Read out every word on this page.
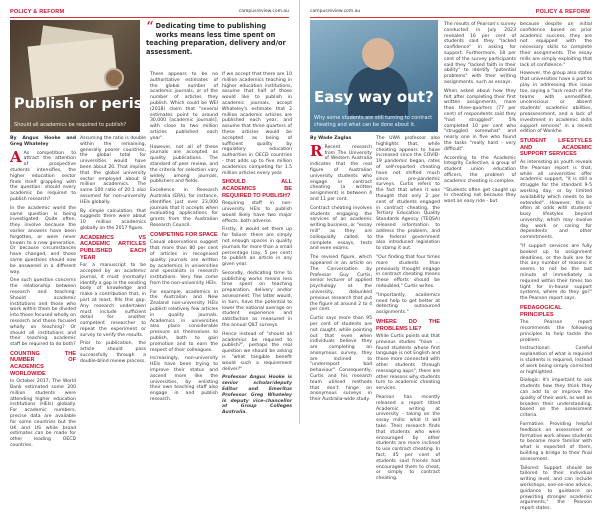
POLICY & REFORM	campusreview.com.au
Publish or perish?
Should all academics be required to publish?
“ Dedicating time to publishing works means less time spent on teaching preparation, delivery and/or assessment.
By Angus Hooke and Greg Whateley

A As competition to attract the attention of prospective students intensifies, the higher education sector finds itself grappling with the question: should every academic be required to publish research?

In the academic world the same question is being investigated. Quite often, they involve because the earlier answers have been forgotten, or were never known to a new generation. Or because circumstances have changed, and those same questions should now be answered in a different way.

One such question concerns the relationship between research and teaching: Should academic institutions and those who work within them be divided into those focused wholly on research and those focused wholly on teaching? Or should all institutions and their teaching academic staff be required to do both?

COUNTING THE NUMBER OF ACADEMICS WORLDWIDE

In October 2017, The World Bank estimated some 200 million students were attending higher education institutions (HEIs) globally. For academic numbers, precise data are available for some countries but the UK and US while broad estimates can be made for other leading OECD countries.

Assuming the ratio is double within the remaining, generally poorer countries, the global total for universities would have been about 20. That implies that the global university sector employed about 8 million academics. The same 100 ratio of 20:1 also assumed for non-university HEIs globally.

By simple calculation, that suggests there were about 10 million academics globally on the 2017 figure.

ACADEMICS VS ACADEMIC ARTICLES PUBLISHED EACH YEAR

For a manuscript to be accepted by an academic journal, it must (normally) identify a gap in the existing body of knowledge and make a contribution that, in part at least, fills this gap. Any research undertaken must include sufficient detail for another competent researcher to repeat the experiment or survey to verify the results.

Prior to publication, the article should pass successfully through a double-blind review process.

There appears to be no authoritative estimates of the global number of academic journals, or of the number of articles they publish. Which could be WEI (2018) claim that "several estimates point to around 30,000 [academic journals], with close to two million articles published each year".

However, not all of these journals are accepted as quality publications. The standard of peer review, and the criteria for selection vary widely among journals, publishers and fields.

Excellence in Research Australia (ERA), for instance, identifies just over 23,000 journals that it accepts when evaluating applications for grants from the Australian Research Council.

COMPETING FOR SPACE

Casual observations suggest that more than 80 per cent of articles in recognised quality journals are written by academics in universities and specialists in research institutions. Very few come from the non-university HEIs.

For example, academics in the Australian and New Zealand non-university HEIs publish relatively few articles in quality journals. Academics in universities also place considerable pressure on themselves to publish, both to gain promotion and to earn the respect of their colleagues.

Increasingly, non-university HEIs have been trying to improve their status and ascend more like the universities, by enlisting their own teaching staff also engage in and publish research.

If we accept that there are 10 million academics teaching in higher education institutions, assume that half of those would like to publish in academic journals, accept Whateley's estimate that 2 million academic articles are published each year, and assume that three quarters of these articles would be accepted as being of sufficient quality by regulatory education authorities in OECD countries - that adds up to five million academics competing for 1.5 million articles every year.

SHOULD ALL ACADEMICS BE REQUIRED TO PUBLISH?

Requiring staff in non-university HEIs to publish would likely have two major effects, both adverse.

Firstly, it would set them up for failure: there are simply not enough spaces in quality journals for more than a small percentage (say, 5 per cent) to publish an article in any given year.

Secondly, dedicating time to publishing works means less time spent on teaching preparation, delivery and/or assessment. The latter would, in turn, have the potential to lower the national average on student experience and satisfaction as measured in the annual QILT surveys.

Hence instead of "should all academics be required to publish?", perhaps the real question we should be asking is "what tangible benefit would such a requirement deliver?"

Professor Angus Hooke is senior scholar/deputy Editor and Emeritus Professor Greg Whateley is deputy vice-chancellor at Group Colleges Australia.

campusreview.com.au	POLICY & REFORM
Easy way out?
Why some students are still turning to contract cheating and what can be done about it.
By Wade Zaglas

R Recent research from The University of Western Australia indicates that the real figure of Australian university students who engage in contract cheating (a written assignment) is between 4 and 11 per cent.

Contract cheating involves students engaging the services of an academic writing business, or "essay mill" as they are colloquially called, to complete essays, tests and even exams.

The revised figure, which appeared in an article on The Conversation by Professor Guy Curtis, senior lecturer of applied psychology at the university, debunked previous research that put the figure at around 2 to 4 per cent.

Curtis says more than 95 per cent of students are not caught, while pointing out that even when individuals believe they are completing an anonymous survey, they are inclined to "underreport bad behaviour". Consequently, Curtis and his research team utilised methods that don't hinge on anonymous surveys in their Australia-wide study.

The UWA professor also highlights that, while cheating appears to have increased since the COVID-19 pandemic began, rates of self-reported cheating have not shifted much since pre-pandemic surveys. Curtis refers to the fact that when it was thought that only 2 per cent of students engaged in contract cheating, the Tertiary Education Quality Standards Agency (TEQSA) released information to address the problem, and the federal government also introduced legislation to stamp it out.

"Our finding that four times more students than previously thought engage in contract cheating means these efforts should be redoubled," Curtis writes.

"Importantly, academics need help to get better at detecting outsourced assignments."

WHERE DO THE PROBLEMS LIE?

While Curtis points out that previous studies "have ... found students whose first language is not English and those more connected with other students through messaging apps", there are other reasons why students turn to academic cheating services.

Pearson has recently released a report titled Academic writing at university - taking on the essay mills: what it will take. Their research finds that students who were encouraged by other students are more inclined to use contract cheating. In fact, 45 per cent of students said friends had encouraged them to cheat, or simply to contract cheating.

The results of Pearson's survey conducted in July 2023 revealed 16 per cent of students said they "lacked confidence" in asking for support. Furthermore, 18 per cent of the survey participants said they "lacked faith in their ability" to identify "potential problems" with their writing assignments, such as essays.

When asked about how they felt after completing their first written assignments, more than three-quarters (77 per cent) of respondents said they "had struggled". 5% completed 10 per cent who "struggled somewhat" and nearly one in five who found the tasks "really hard - very difficult".

According to the Academic Integrity Collective, a group of student union education officers, the problem of academic cheating is complex.

"Students often get caught up in cheating not because they want an easy ride - but

because despite an initial confidence based on prior academic success, they are not equipped with the necessary skills to complete their assignments. The essay mills are simply exploiting that lack of confidence."

However, the group also states that universities have a part to play in addressing this issue too, saying a "lack reach of the teams with unmedified, unconscious or absent students' academic abilities, preassessment, and a lack of investment in academic skills support services" in a recent edition of Wonkhe.

STUDENT LIFESTYLES AND ACADEMIC SUPPORT SERVICES

As interesting as youth reveals the Pearson report is that, while all universities offer academic support, "it is still a struggle for the standard 9-5 working day, or by limited availability which needs to be extended". However, this is often at odds with students' busy lifestyles beyond university, which may involve day work or caring for dependents and other commitments.

"If support services are fully booked up to assignment deadlines, or the bulk are for this any number of reasons it seems to not be the last minute of immediately is required within their times too tight for in-house support systems, where do they go?" the Pearson report says.

PEDAGOGICAL PRINCIPLES

The Pearson report recommends the following principles to help tackle the problem.

Instructional: Careful explanation of what is required is students is required, instead of work being simply corrected or highlighted.

Dialogic: It's important to ask students how they think they can add to or improve the quality of their work, as well as broaden their understanding, based on the assessment criteria.

Formative: Providing helpful feedback on assessment or formative work allows students to become more familiar with what is expected of them, building a bridge to their final assessment.

Tailored: Support should be tailored to their individual writing level, and can include workshops, one-on-one advice, guidance to guidance on prewriting stronger academic arguments," the Pearson report states.
